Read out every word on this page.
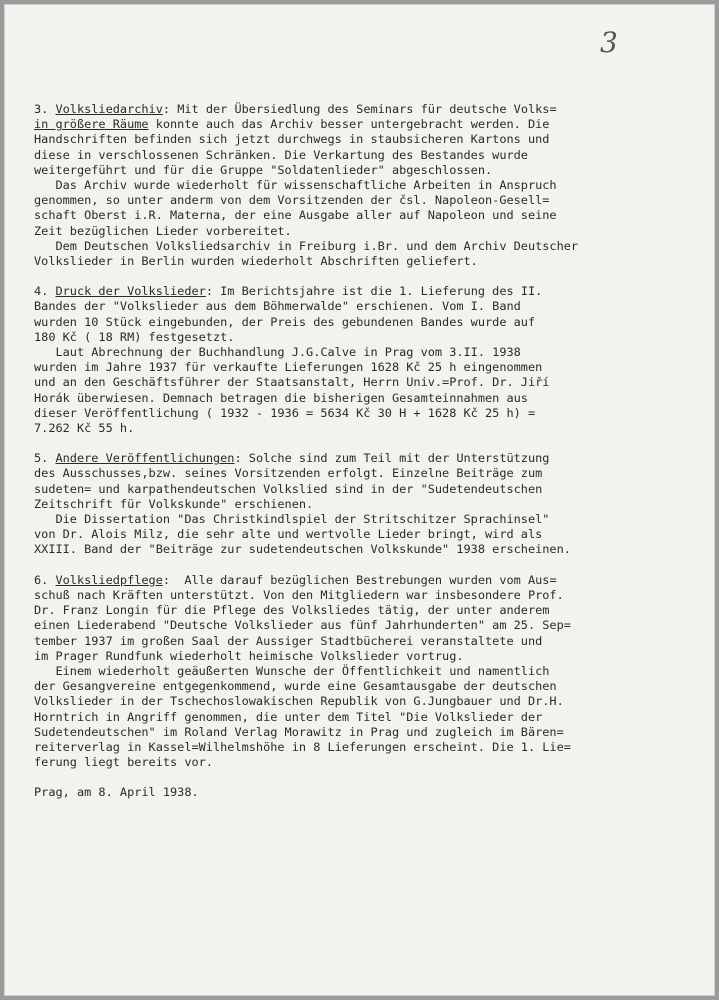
3
3. Volksliedarchiv: Mit der Übersiedlung des Seminars für deutsche Volks=
in größere Räume konnte auch das Archiv besser untergebracht werden. Die
Handschriften befinden sich jetzt durchwegs in staubsicheren Kartons und
diese in verschlossenen Schränken. Die Verkartung des Bestandes wurde
weitergeführt und für die Gruppe "Soldatenlieder" abgeschlossen.
Das Archiv wurde wiederholt für wissenschaftliche Arbeiten in Anspruch
genommen, so unter anderm von dem Vorsitzenden der čsl. Napoleon-Gesell=
schaft Oberst i.R. Materna, der eine Ausgabe aller auf Napoleon und seine
Zeit bezüglichen Lieder vorbereitet.
Dem Deutschen Volksliedsarchiv in Freiburg i.Br. und dem Archiv Deutscher
Volkslieder in Berlin wurden wiederholt Abschriften geliefert.
4. Druck der Volkslieder: Im Berichtsjahre ist die 1. Lieferung des II.
Bandes der "Volkslieder aus dem Böhmerwalde" erschienen. Vom I. Band
wurden 10 Stück eingebunden, der Preis des gebundenen Bandes wurde auf
180 Kč ( 18 RM) festgesetzt.
Laut Abrechnung der Buchhandlung J.G.Calve in Prag vom 3.II. 1938
wurden im Jahre 1937 für verkaufte Lieferungen 1628 Kč 25 h eingenommen
und an den Geschäftsführer der Staatsanstalt, Herrn Univ.=Prof. Dr. Jiří
Horák überwiesen. Demnach betragen die bisherigen Gesamteinnahmen aus
dieser Veröffentlichung ( 1932 - 1936 = 5634 Kč 30 H + 1628 Kč 25 h) =
7.262 Kč 55 h.
5. Andere Veröffentlichungen: Solche sind zum Teil mit der Unterstützung
des Ausschusses,bzw. seines Vorsitzenden erfolgt. Einzelne Beiträge zum
sudeten= und karpathendeutschen Volkslied sind in der "Sudetendeutschen
Zeitschrift für Volkskunde" erschienen.
Die Dissertation "Das Christkindlspiel der Stritschitzer Sprachinsel"
von Dr. Alois Milz, die sehr alte und wertvolle Lieder bringt, wird als
XXIII. Band der "Beiträge zur sudetendeutschen Volkskunde" 1938 erscheinen.
6. Volksliedpflege:  Alle darauf bezüglichen Bestrebungen wurden vom Aus=
schuß nach Kräften unterstützt. Von den Mitgliedern war insbesondere Prof.
Dr. Franz Longin für die Pflege des Volksliedes tätig, der unter anderem
einen Liederabend "Deutsche Volkslieder aus fünf Jahrhunderten" am 25. Sep=
tember 1937 im großen Saal der Aussiger Stadtbücherei veranstaltete und
im Prager Rundfunk wiederholt heimische Volkslieder vortrug.
Einem wiederholt geäußerten Wunsche der Öffentlichkeit und namentlich
der Gesangvereine entgegenkommend, wurde eine Gesamtausgabe der deutschen
Volkslieder in der Tschechoslowakischen Republik von G.Jungbauer und Dr.H.
Horntrich in Angriff genommen, die unter dem Titel "Die Volkslieder der
Sudetendeutschen" im Roland Verlag Morawitz in Prag und zugleich im Bären=
reiterverlag in Kassel=Wilhelmshöhe in 8 Lieferungen erscheint. Die 1. Lie=
ferung liegt bereits vor.
Prag, am 8. April 1938.
